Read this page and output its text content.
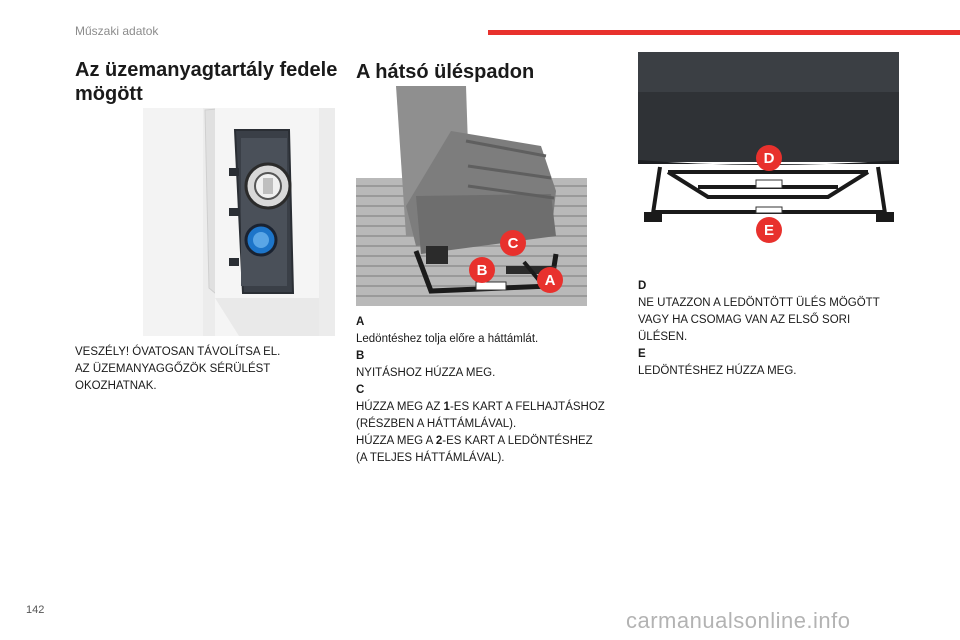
Műszaki adatok
Az üzemanyagtartály fedele mögött

VESZÉLY! ÓVATOSAN TÁVOLÍTSA EL.

AZ ÜZEMANYAGGŐZÖK SÉRÜLÉST

OKOZHATNAK.

A hátsó üléspadon
C
B
A

A

Ledöntéshez tolja előre a háttámlát.

B

NYITÁSHOZ HÚZZA MEG.

C

HÚZZA MEG AZ 1-ES KART A FELHAJTÁSHOZ

(RÉSZBEN A HÁTTÁMLÁVAL).

HÚZZA MEG A 2-ES KART A LEDÖNTÉSHEZ

(A TELJES HÁTTÁMLÁVAL).

D
E

D

NE UTAZZON A LEDÖNTÖTT ÜLÉS MÖGÖTT

VAGY HA CSOMAG VAN AZ ELSŐ SORI

ÜLÉSEN.

E

LEDÖNTÉSHEZ HÚZZA MEG.

142	carmanualsonline.info
